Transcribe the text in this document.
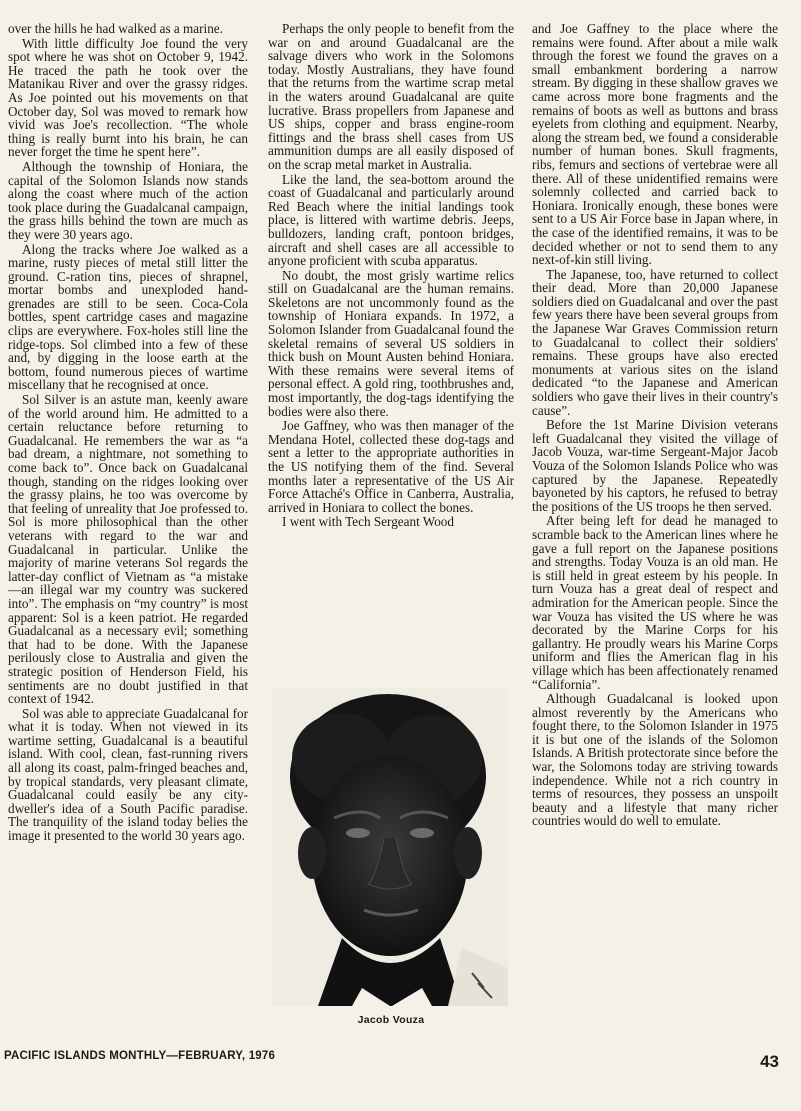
over the hills he had walked as a marine.

With little difficulty Joe found the very spot where he was shot on October 9, 1942. He traced the path he took over the Matanikau River and over the grassy ridges. As Joe pointed out his movements on that October day, Sol was moved to remark how vivid was Joe's recollection. “The whole thing is really burnt into his brain, he can never forget the time he spent here”.

Although the township of Honiara, the capital of the Solomon Islands now stands along the coast where much of the action took place during the Guadalcanal campaign, the grass hills behind the town are much as they were 30 years ago.

Along the tracks where Joe walked as a marine, rusty pieces of metal still litter the ground. C-ration tins, pieces of shrapnel, mortar bombs and unexploded hand-grenades are still to be seen. Coca-Cola bottles, spent cartridge cases and magazine clips are everywhere. Fox-holes still line the ridge-tops. Sol climbed into a few of these and, by digging in the loose earth at the bottom, found numerous pieces of wartime miscellany that he recognised at once.

Sol Silver is an astute man, keenly aware of the world around him. He admitted to a certain reluctance before returning to Guadalcanal. He remembers the war as “a bad dream, a nightmare, not something to come back to”. Once back on Guadalcanal though, standing on the ridges looking over the grassy plains, he too was overcome by that feeling of unreality that Joe professed to. Sol is more philosophical than the other veterans with regard to the war and Guadalcanal in particular. Unlike the majority of marine veterans Sol regards the latter-day conflict of Vietnam as “a mistake—an illegal war my country was suckered into”. The emphasis on “my country” is most apparent: Sol is a keen patriot. He regarded Guadalcanal as a necessary evil; something that had to be done. With the Japanese perilously close to Australia and given the strategic position of Henderson Field, his sentiments are no doubt justified in that context of 1942.

Sol was able to appreciate Guadalcanal for what it is today. When not viewed in its wartime setting, Guadalcanal is a beautiful island. With cool, clean, fast-running rivers all along its coast, palm-fringed beaches and, by tropical standards, very pleasant climate, Guadalcanal could easily be any city-dweller's idea of a South Pacific paradise. The tranquility of the island today belies the image it presented to the world 30 years ago.

Perhaps the only people to benefit from the war on and around Guadalcanal are the salvage divers who work in the Solomons today. Mostly Australians, they have found that the returns from the wartime scrap metal in the waters around Guadalcanal are quite lucrative. Brass propellers from Japanese and US ships, copper and brass engine-room fittings and the brass shell cases from US ammunition dumps are all easily disposed of on the scrap metal market in Australia.

Like the land, the sea-bottom around the coast of Guadalcanal and particularly around Red Beach where the initial landings took place, is littered with wartime debris. Jeeps, bulldozers, landing craft, pontoon bridges, aircraft and shell cases are all accessible to anyone proficient with scuba apparatus.

No doubt, the most grisly wartime relics still on Guadalcanal are the human remains. Skeletons are not uncommonly found as the township of Honiara expands. In 1972, a Solomon Islander from Guadalcanal found the skeletal remains of several US soldiers in thick bush on Mount Austen behind Honiara. With these remains were several items of personal effect. A gold ring, toothbrushes and, most importantly, the dog-tags identifying the bodies were also there.

Joe Gaffney, who was then manager of the Mendana Hotel, collected these dog-tags and sent a letter to the appropriate authorities in the US notifying them of the find. Several months later a representative of the US Air Force Attaché's Office in Canberra, Australia, arrived in Honiara to collect the bones.

I went with Tech Sergeant Wood

Jacob Vouza

and Joe Gaffney to the place where the remains were found. After about a mile walk through the forest we found the graves on a small embankment bordering a narrow stream. By digging in these shallow graves we came across more bone fragments and the remains of boots as well as buttons and brass eyelets from clothing and equipment. Nearby, along the stream bed, we found a considerable number of human bones. Skull fragments, ribs, femurs and sections of vertebrae were all there. All of these unidentified remains were solemnly collected and carried back to Honiara. Ironically enough, these bones were sent to a US Air Force base in Japan where, in the case of the identified remains, it was to be decided whether or not to send them to any next-of-kin still living.

The Japanese, too, have returned to collect their dead. More than 20,000 Japanese soldiers died on Guadalcanal and over the past few years there have been several groups from the Japanese War Graves Commission return to Guadalcanal to collect their soldiers' remains. These groups have also erected monuments at various sites on the island dedicated “to the Japanese and American soldiers who gave their lives in their country's cause”.

Before the 1st Marine Division veterans left Guadalcanal they visited the village of Jacob Vouza, war-time Sergeant-Major Jacob Vouza of the Solomon Islands Police who was captured by the Japanese. Repeatedly bayoneted by his captors, he refused to betray the positions of the US troops he then served.

After being left for dead he managed to scramble back to the American lines where he gave a full report on the Japanese positions and strengths. Today Vouza is an old man. He is still held in great esteem by his people. In turn Vouza has a great deal of respect and admiration for the American people. Since the war Vouza has visited the US where he was decorated by the Marine Corps for his gallantry. He proudly wears his Marine Corps uniform and flies the American flag in his village which has been affectionately renamed “California”.

Although Guadalcanal is looked upon almost reverently by the Americans who fought there, to the Solomon Islander in 1975 it is but one of the islands of the Solomon Islands. A British protectorate since before the war, the Solomons today are striving towards independence. While not a rich country in terms of resources, they possess an unspoilt beauty and a lifestyle that many richer countries would do well to emulate.

PACIFIC ISLANDS MONTHLY—FEBRUARY, 1976	43
